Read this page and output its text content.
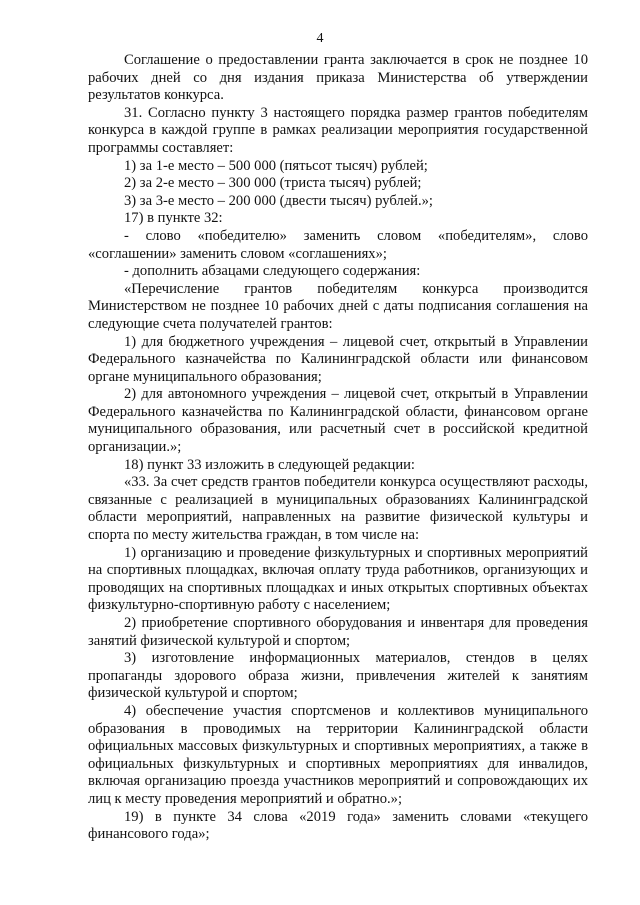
4

Соглашение о предоставлении гранта заключается в срок не позднее 10 рабочих дней со дня издания приказа Министерства об утверждении результатов конкурса.

31. Согласно пункту 3 настоящего порядка размер грантов победителям конкурса в каждой группе в рамках реализации мероприятия государственной программы составляет:

1) за 1-е место – 500 000 (пятьсот тысяч) рублей;

2) за 2-е место – 300 000 (триста тысяч) рублей;

3) за 3-е место – 200 000 (двести тысяч) рублей.»;

17) в пункте 32:

- слово «победителю» заменить словом «победителям», слово «соглашении» заменить словом «соглашениях»;

- дополнить абзацами следующего содержания:

«Перечисление грантов победителям конкурса производится Министерством не позднее 10 рабочих дней с даты подписания соглашения на следующие счета получателей грантов:

1) для бюджетного учреждения – лицевой счет, открытый в Управлении Федерального казначейства по Калининградской области или финансовом органе муниципального образования;

2) для автономного учреждения – лицевой счет, открытый в Управлении Федерального казначейства по Калининградской области, финансовом органе муниципального образования, или расчетный счет в российской кредитной организации.»;

18) пункт 33 изложить в следующей редакции:

«33. За счет средств грантов победители конкурса осуществляют расходы, связанные с реализацией в муниципальных образованиях Калининградской области мероприятий, направленных на развитие физической культуры и спорта по месту жительства граждан, в том числе на:

1) организацию и проведение физкультурных и спортивных мероприятий на спортивных площадках, включая оплату труда работников, организующих и проводящих на спортивных площадках и иных открытых спортивных объектах физкультурно-спортивную работу с населением;

2) приобретение спортивного оборудования и инвентаря для проведения занятий физической культурой и спортом;

3) изготовление информационных материалов, стендов в целях пропаганды здорового образа жизни, привлечения жителей к занятиям физической культурой и спортом;

4) обеспечение участия спортсменов и коллективов муниципального образования в проводимых на территории Калининградской области официальных массовых физкультурных и спортивных мероприятиях, а также в официальных физкультурных и спортивных мероприятиях для инвалидов, включая организацию проезда участников мероприятий и сопровождающих их лиц к месту проведения мероприятий и обратно.»;

19) в пункте 34 слова «2019 года» заменить словами «текущего финансового года»;
